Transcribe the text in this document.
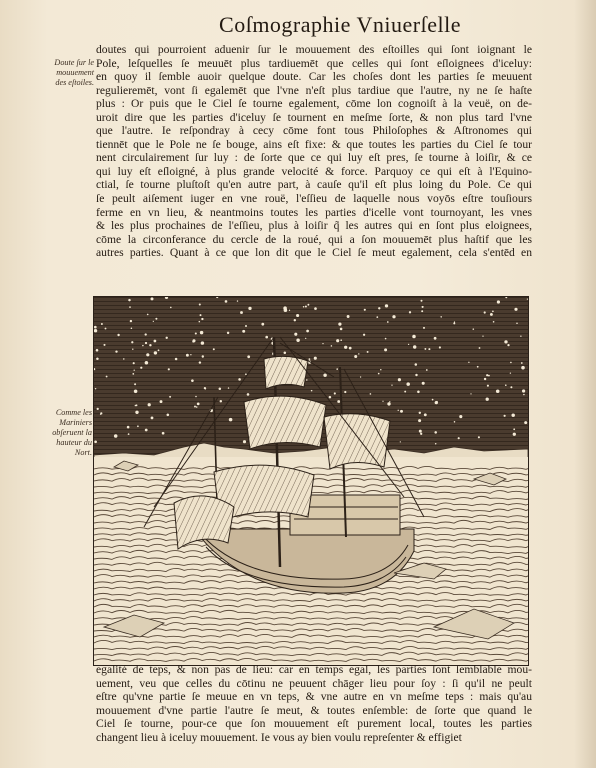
Coſmographie Vniuerſelle
Doute ſur le mouuement des eſtoiles.
doutes qui pourroient aduenir ſur le mouuement des eſtoilles qui ſont ioignant le
Pole, leſquelles ſe meuuēt plus tardiuemēt que celles qui ſont eſloignees d'iceluy:
en quoy il ſemble auoir quelque doute. Car les choſes dont les parties ſe meuuent
regulieremēt, vont ſi egalemēt que l'vne n'eſt plus tardiue que l'autre, ny ne ſe haſte
plus : Or puis que le Ciel ſe tourne egalement, cōme lon cognoiſt à la veuë, on de-
uroit dire que les parties d'iceluy ſe tournent en meſme ſorte, & non plus tard l'vne
que l'autre. Ie reſpondray à cecy cōme font tous Philoſophes & Aſtronomes qui
tiennēt que le Pole ne ſe bouge, ains eſt fixe: & que toutes les parties du Ciel ſe tour
nent circulairement ſur luy : de ſorte que ce qui luy eſt pres, ſe tourne à loiſir, & ce
qui luy eſt eſloigné, à plus grande velocité & force. Parquoy ce qui eſt à l'Equino-
ctial, ſe tourne pluſtoſt qu'en autre part, à cauſe qu'il eſt plus loing du Pole. Ce qui
ſe peult aiſement iuger en vne rouë, l'eſſieu de laquelle nous voyōs eſtre touſiours
ferme en vn lieu, & neantmoins toutes les parties d'icelle vont tournoyant, les vnes
& les plus prochaines de l'eſſieu, plus à loiſir q̃ les autres qui en ſont plus eloignees,
cōme la circonferance du cercle de la roué, qui a ſon mouuemēt plus haſtif que les
autres parties. Quant à ce que lon dit que le Ciel ſe meut egalement, cela s'entēd en
Comme les Mariniers obſeruent la hauteur du Nort.
egalité de teps, & non pas de lieu: car en temps egal, les parties ſont ſemblable mou-
uement, veu que celles du cōtinu ne peuuent chāger lieu pour ſoy : ſi qu'il ne peult
eſtre qu'vne partie ſe meuue en vn teps, & vne autre en vn meſme teps : mais qu'au
mouuement d'vne partie l'autre ſe meut, & toutes enſemble: de ſorte que quand le
Ciel ſe tourne, pour-ce que ſon mouuement eſt purement local, toutes les parties
changent lieu à iceluy mouuement. Ie vous ay bien voulu repreſenter & effigiet
